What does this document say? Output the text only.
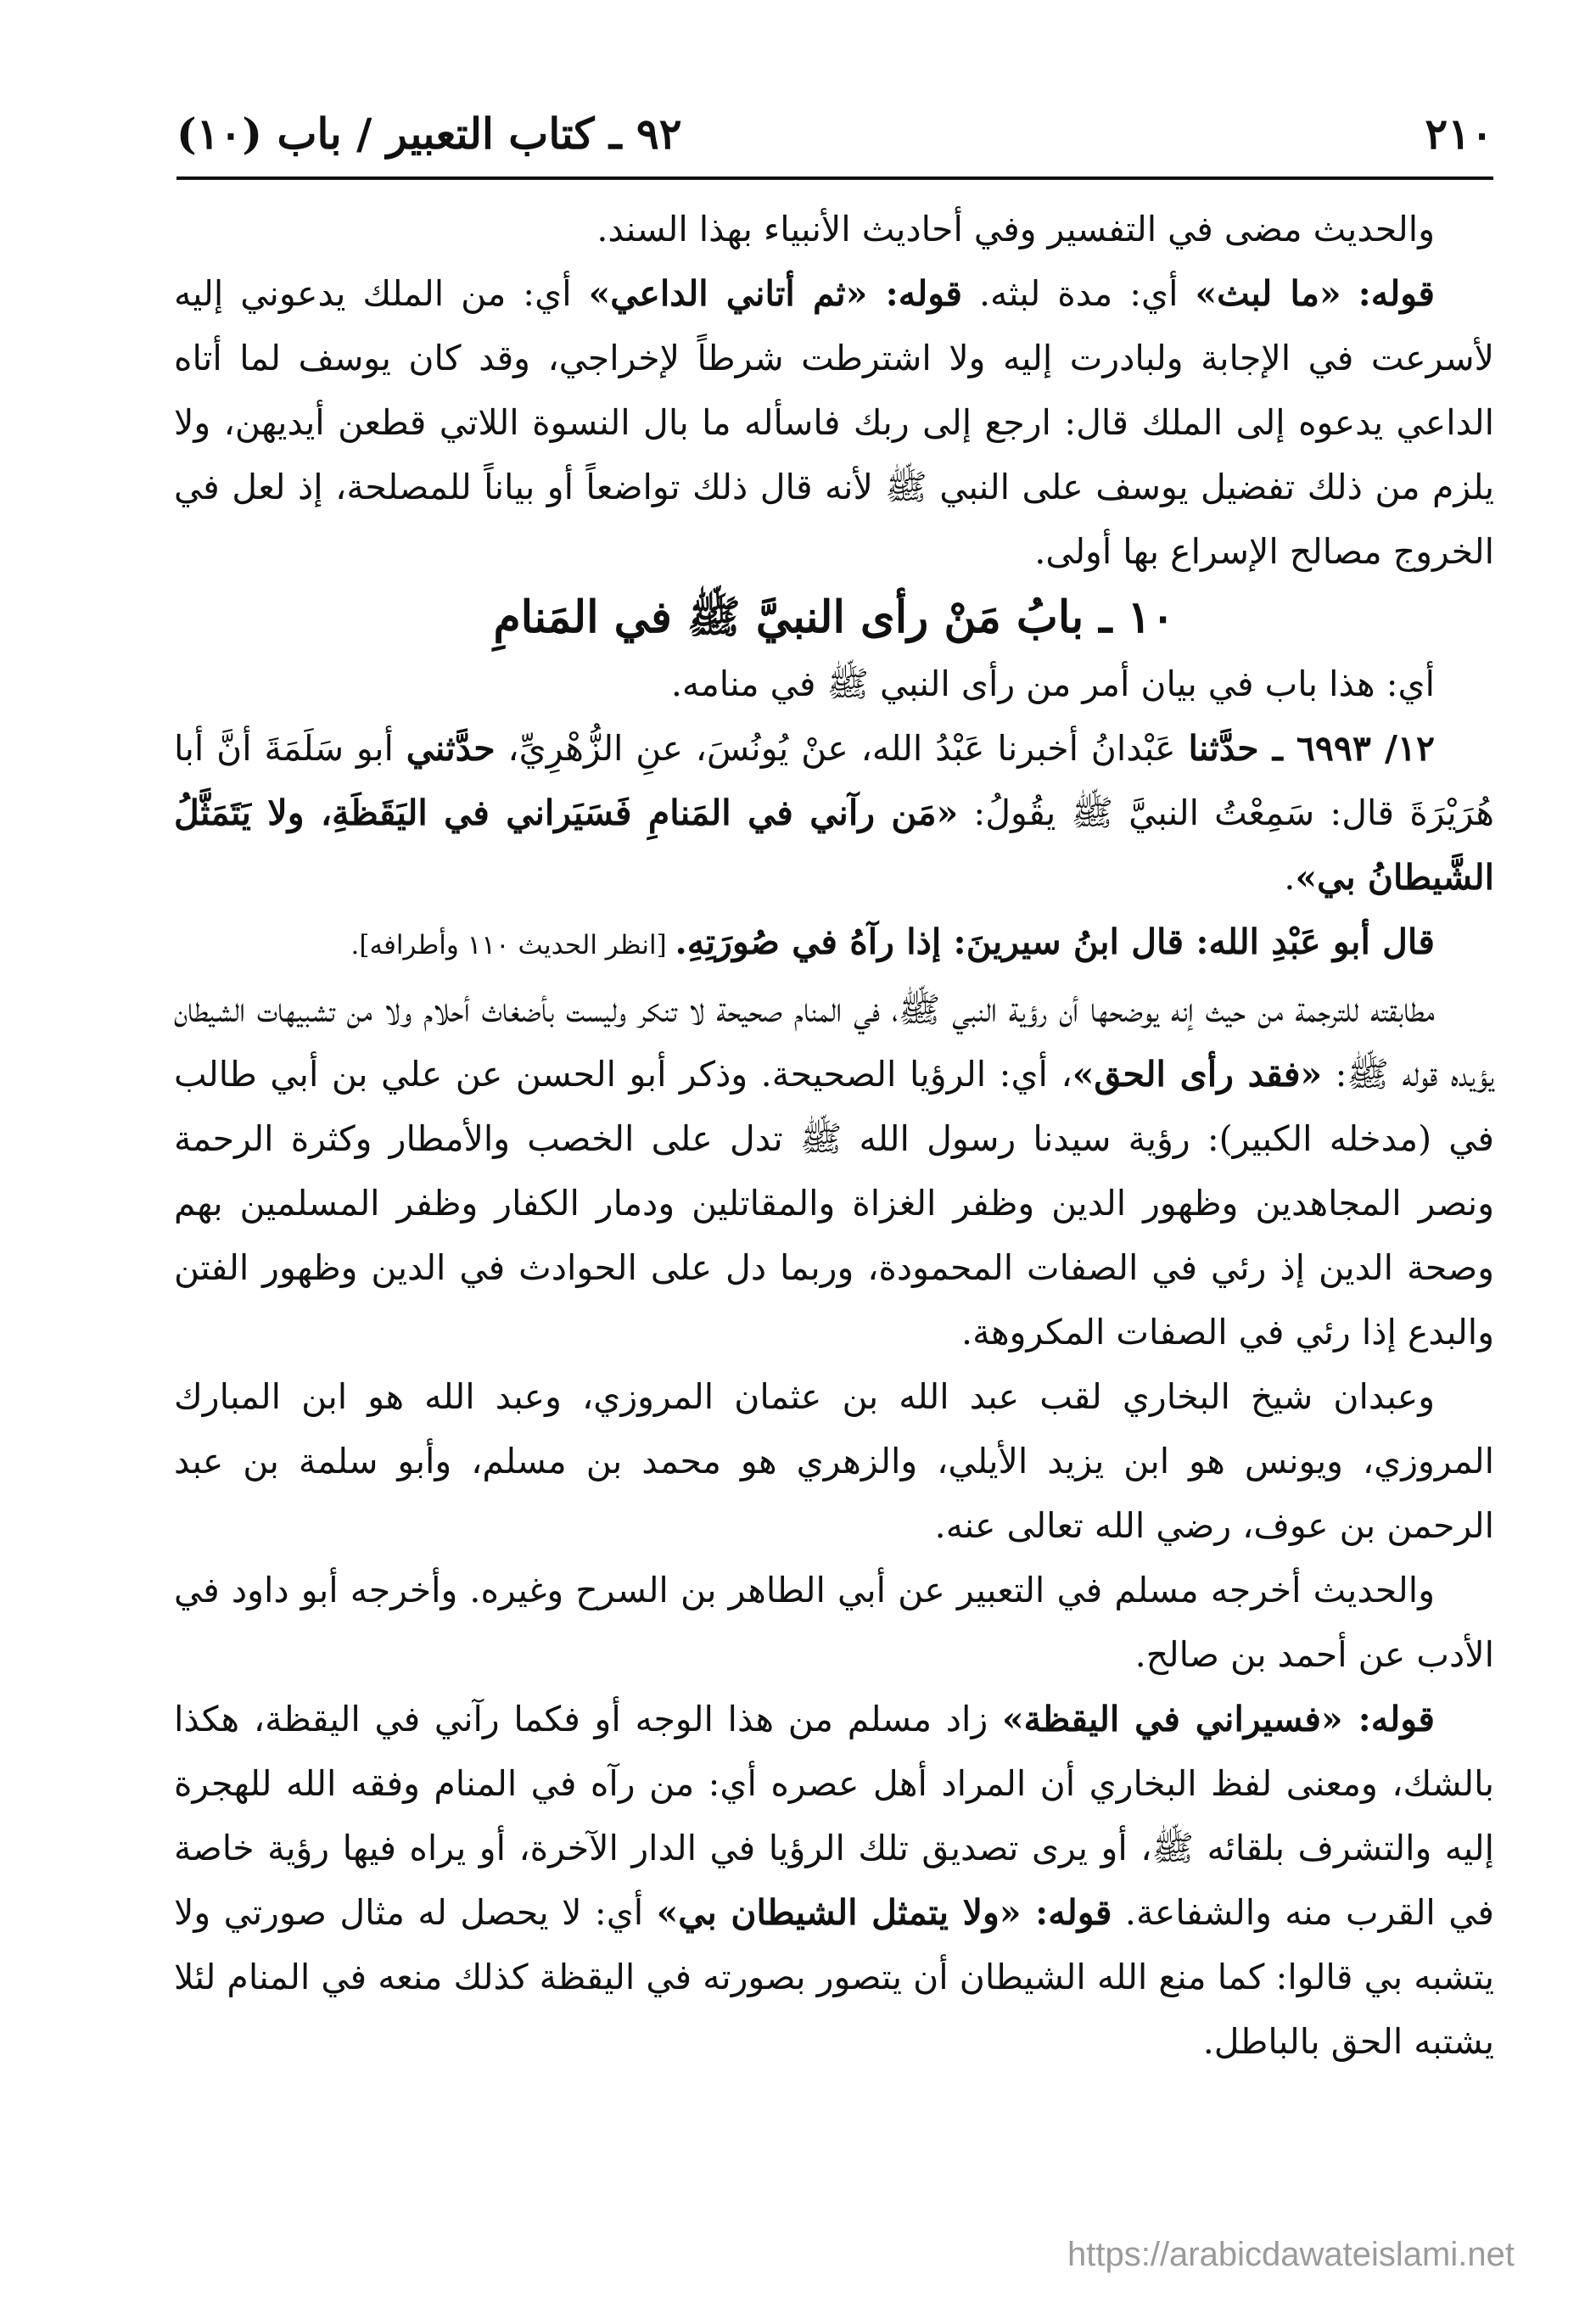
٢١٠
٩٢ ـ كتاب التعبير / باب (١٠)

والحديث مضى في التفسير وفي أحاديث الأنبياء بهذا السند.

قوله: «ما لبث» أي: مدة لبثه. قوله: «ثم أتاني الداعي» أي: من الملك يدعوني إليه لأسرعت في الإجابة ولبادرت إليه ولا اشترطت شرطاً لإخراجي، وقد كان يوسف لما أتاه الداعي يدعوه إلى الملك قال: ارجع إلى ربك فاسأله ما بال النسوة اللاتي قطعن أيديهن، ولا يلزم من ذلك تفضيل يوسف على النبي ﷺ لأنه قال ذلك تواضعاً أو بياناً للمصلحة، إذ لعل في الخروج مصالح الإسراع بها أولى.

١٠ ـ بابُ مَنْ رأى النبيَّ ﷺ في المَنامِ

أي: هذا باب في بيان أمر من رأى النبي ﷺ في منامه.

١٢/ ٦٩٩٣ ـ حدَّثنا عَبْدانُ أخبرنا عَبْدُ الله، عنْ يُونُسَ، عنِ الزُّهْرِيِّ، حدَّثني أبو سَلَمَةَ أنَّ أبا هُرَيْرَةَ قال: سَمِعْتُ النبيَّ ﷺ يقُولُ: «مَن رآني في المَنامِ فَسَيَراني في اليَقَظَةِ، ولا يَتَمَثَّلُ الشَّيطانُ بي».

قال أبو عَبْدِ الله: قال ابنُ سيرينَ: إذا رآهُ في صُورَتِهِ. [انظر الحديث ١١٠ وأطرافه].

مطابقته للترجمة من حيث إنه يوضحها أن رؤية النبي ﷺ، في المنام صحيحة لا تنكر وليست بأضغاث أحلام ولا من تشبيهات الشيطان يؤيده قوله ﷺ: «فقد رأى الحق»، أي: الرؤيا الصحيحة. وذكر أبو الحسن عن علي بن أبي طالب في (مدخله الكبير): رؤية سيدنا رسول الله ﷺ تدل على الخصب والأمطار وكثرة الرحمة ونصر المجاهدين وظهور الدين وظفر الغزاة والمقاتلين ودمار الكفار وظفر المسلمين بهم وصحة الدين إذ رئي في الصفات المحمودة، وربما دل على الحوادث في الدين وظهور الفتن والبدع إذا رئي في الصفات المكروهة.

وعبدان شيخ البخاري لقب عبد الله بن عثمان المروزي، وعبد الله هو ابن المبارك المروزي، ويونس هو ابن يزيد الأيلي، والزهري هو محمد بن مسلم، وأبو سلمة بن عبد الرحمن بن عوف، رضي الله تعالى عنه.

والحديث أخرجه مسلم في التعبير عن أبي الطاهر بن السرح وغيره. وأخرجه أبو داود في الأدب عن أحمد بن صالح.

قوله: «فسيراني في اليقظة» زاد مسلم من هذا الوجه أو فكما رآني في اليقظة، هكذا بالشك، ومعنى لفظ البخاري أن المراد أهل عصره أي: من رآه في المنام وفقه الله للهجرة إليه والتشرف بلقائه ﷺ، أو يرى تصديق تلك الرؤيا في الدار الآخرة، أو يراه فيها رؤية خاصة في القرب منه والشفاعة. قوله: «ولا يتمثل الشيطان بي» أي: لا يحصل له مثال صورتي ولا يتشبه بي قالوا: كما منع الله الشيطان أن يتصور بصورته في اليقظة كذلك منعه في المنام لئلا يشتبه الحق بالباطل.

https://arabicdawateislami.net
